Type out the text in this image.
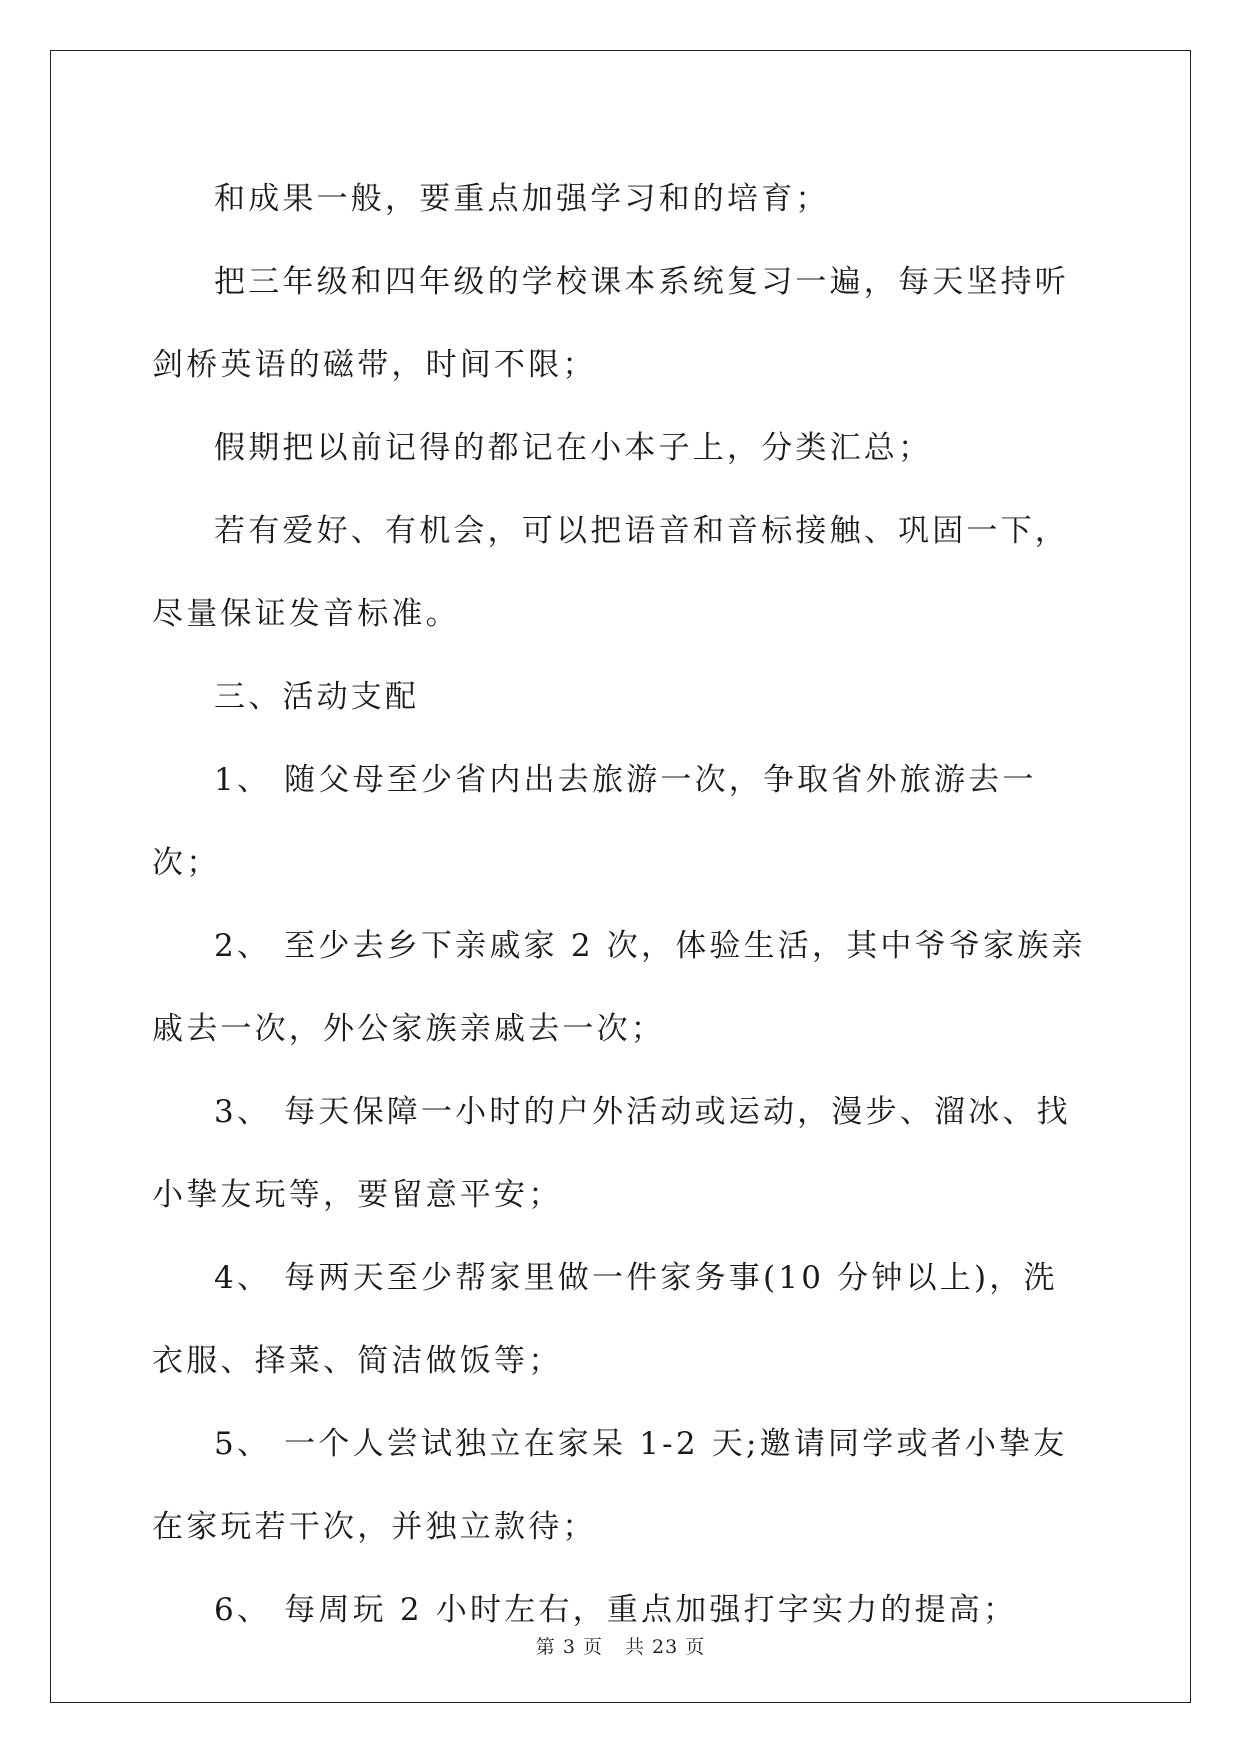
和成果一般，要重点加强学习和的培育；

把三年级和四年级的学校课本系统复习一遍，每天坚持听剑桥英语的磁带，时间不限；

假期把以前记得的都记在小本子上，分类汇总；

若有爱好、有机会，可以把语音和音标接触、巩固一下，尽量保证发音标准。

三、活动支配

1、 随父母至少省内出去旅游一次，争取省外旅游去一次；

2、 至少去乡下亲戚家 2 次，体验生活，其中爷爷家族亲戚去一次，外公家族亲戚去一次；

3、 每天保障一小时的户外活动或运动，漫步、溜冰、找小挚友玩等，要留意平安；

4、 每两天至少帮家里做一件家务事(10 分钟以上)，洗衣服、择菜、简洁做饭等；

5、 一个人尝试独立在家呆 1-2 天;邀请同学或者小挚友在家玩若干次，并独立款待；

6、 每周玩 2 小时左右，重点加强打字实力的提高；

第 3 页 共 23 页
